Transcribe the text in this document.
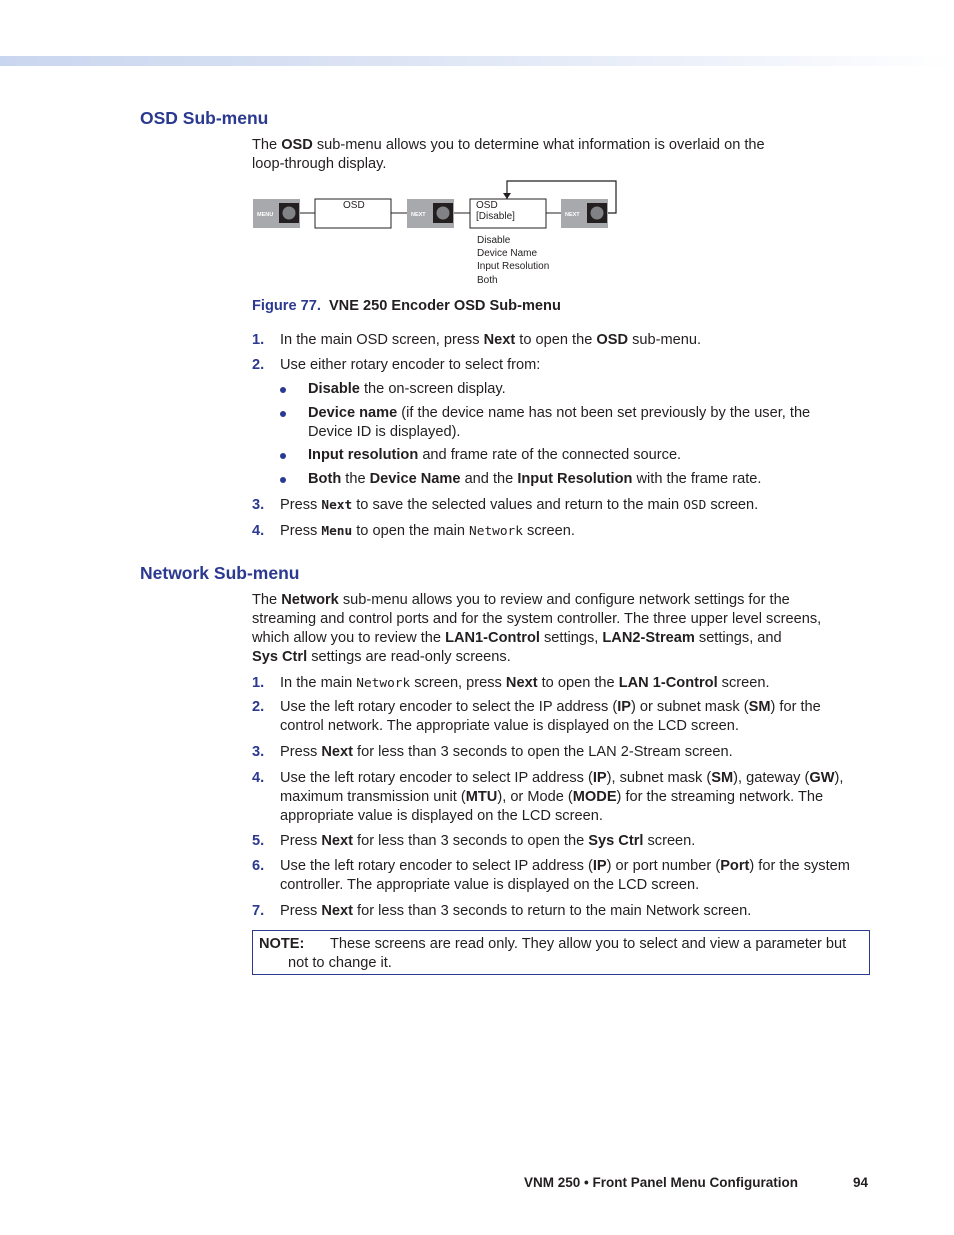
OSD Sub-menu

The OSD sub-menu allows you to determine what information is overlaid on the
loop-through display.

MENU
OSD
NEXT
OSD
[Disable]	NEXT
Disable
Device Name
Input Resolution
Both
Figure 77. VNE 250 Encoder OSD Sub-menu
1. In the main OSD screen, press Next to open the OSD sub-menu.
2. Use either rotary encoder to select from:
Disable the on-screen display.
Device name (if the device name has not been set previously by the user, the
Device ID is displayed).
Input resolution and frame rate of the connected source.
Both the Device Name and the Input Resolution with the frame rate.
3. Press Next to save the selected values and return to the main OSD screen.
4. Press Menu to open the main Network screen.
Network Sub-menu

The Network sub-menu allows you to review and configure network settings for the
streaming and control ports and for the system controller. The three upper level screens,
which allow you to review the LAN1-Control settings, LAN2-Stream settings, and
Sys Ctrl settings are read-only screens.

1. In the main Network screen, press Next to open the LAN 1-Control screen.
2. Use the left rotary encoder to select the IP address (IP) or subnet mask (SM) for the
control network. The appropriate value is displayed on the LCD screen.
3. Press Next for less than 3 seconds to open the LAN 2-Stream screen.
4. Use the left rotary encoder to select IP address (IP), subnet mask (SM), gateway (GW),
maximum transmission unit (MTU), or Mode (MODE) for the streaming network. The
appropriate value is displayed on the LCD screen.
5. Press Next for less than 3 seconds to open the Sys Ctrl screen.
6. Use the left rotary encoder to select IP address (IP) or port number (Port) for the system
controller. The appropriate value is displayed on the LCD screen.
7. Press Next for less than 3 seconds to return to the main Network screen.
NOTE: These screens are read only. They allow you to select and view a parameter but
not to change it.
VNM 250 • Front Panel Menu Configuration	94
